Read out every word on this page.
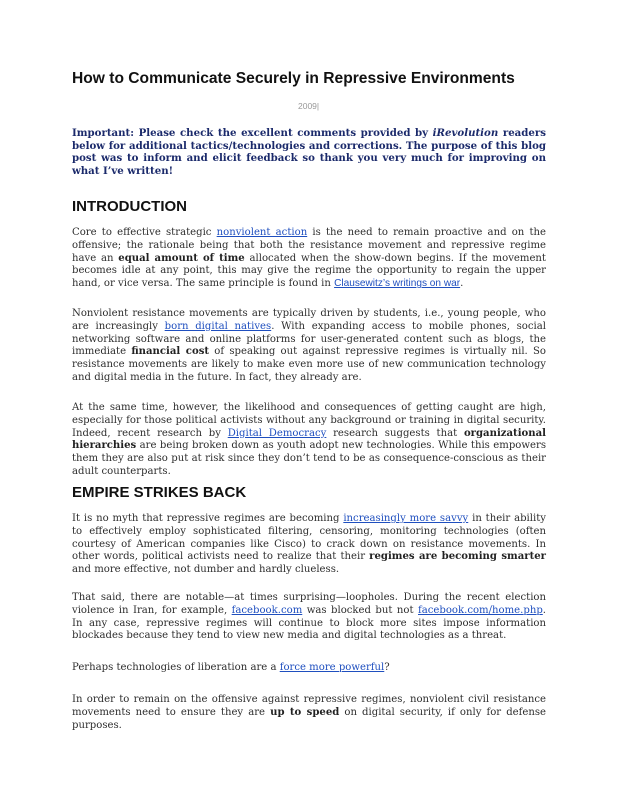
How to Communicate Securely in Repressive Environments
2009|
Important: Please check the excellent comments provided by iRevolution readers below for additional tactics/technologies and corrections. The purpose of this blog post was to inform and elicit feedback so thank you very much for improving on what I’ve written!
INTRODUCTION

Core to effective strategic nonviolent action is the need to remain proactive and on the offensive; the rationale being that both the resistance movement and repressive regime have an equal amount of time allocated when the show-down begins. If the movement becomes idle at any point, this may give the regime the opportunity to regain the upper hand, or vice versa. The same principle is found in Clausewitz’s writings on war.

Nonviolent resistance movements are typically driven by students, i.e., young people, who are increasingly born digital natives. With expanding access to mobile phones, social networking software and online platforms for user-generated content such as blogs, the immediate financial cost of speaking out against repressive regimes is virtually nil. So resistance movements are likely to make even more use of new communication technology and digital media in the future. In fact, they already are.

At the same time, however, the likelihood and consequences of getting caught are high, especially for those political activists without any background or training in digital security. Indeed, recent research by Digital Democracy research suggests that organizational hierarchies are being broken down as youth adopt new technologies. While this empowers them they are also put at risk since they don’t tend to be as consequence-conscious as their adult counterparts.

EMPIRE STRIKES BACK

It is no myth that repressive regimes are becoming increasingly more savvy in their ability to effectively employ sophisticated filtering, censoring, monitoring technologies (often courtesy of American companies like Cisco) to crack down on resistance movements. In other words, political activists need to realize that their regimes are becoming smarter and more effective, not dumber and hardly clueless.

That said, there are notable—at times surprising—loopholes. During the recent election violence in Iran, for example, facebook.com was blocked but not facebook.com/home.php. In any case, repressive regimes will continue to block more sites impose information blockades because they tend to view new media and digital technologies as a threat.

Perhaps technologies of liberation are a force more powerful?

In order to remain on the offensive against repressive regimes, nonviolent civil resistance movements need to ensure they are up to speed on digital security, if only for defense purposes.
